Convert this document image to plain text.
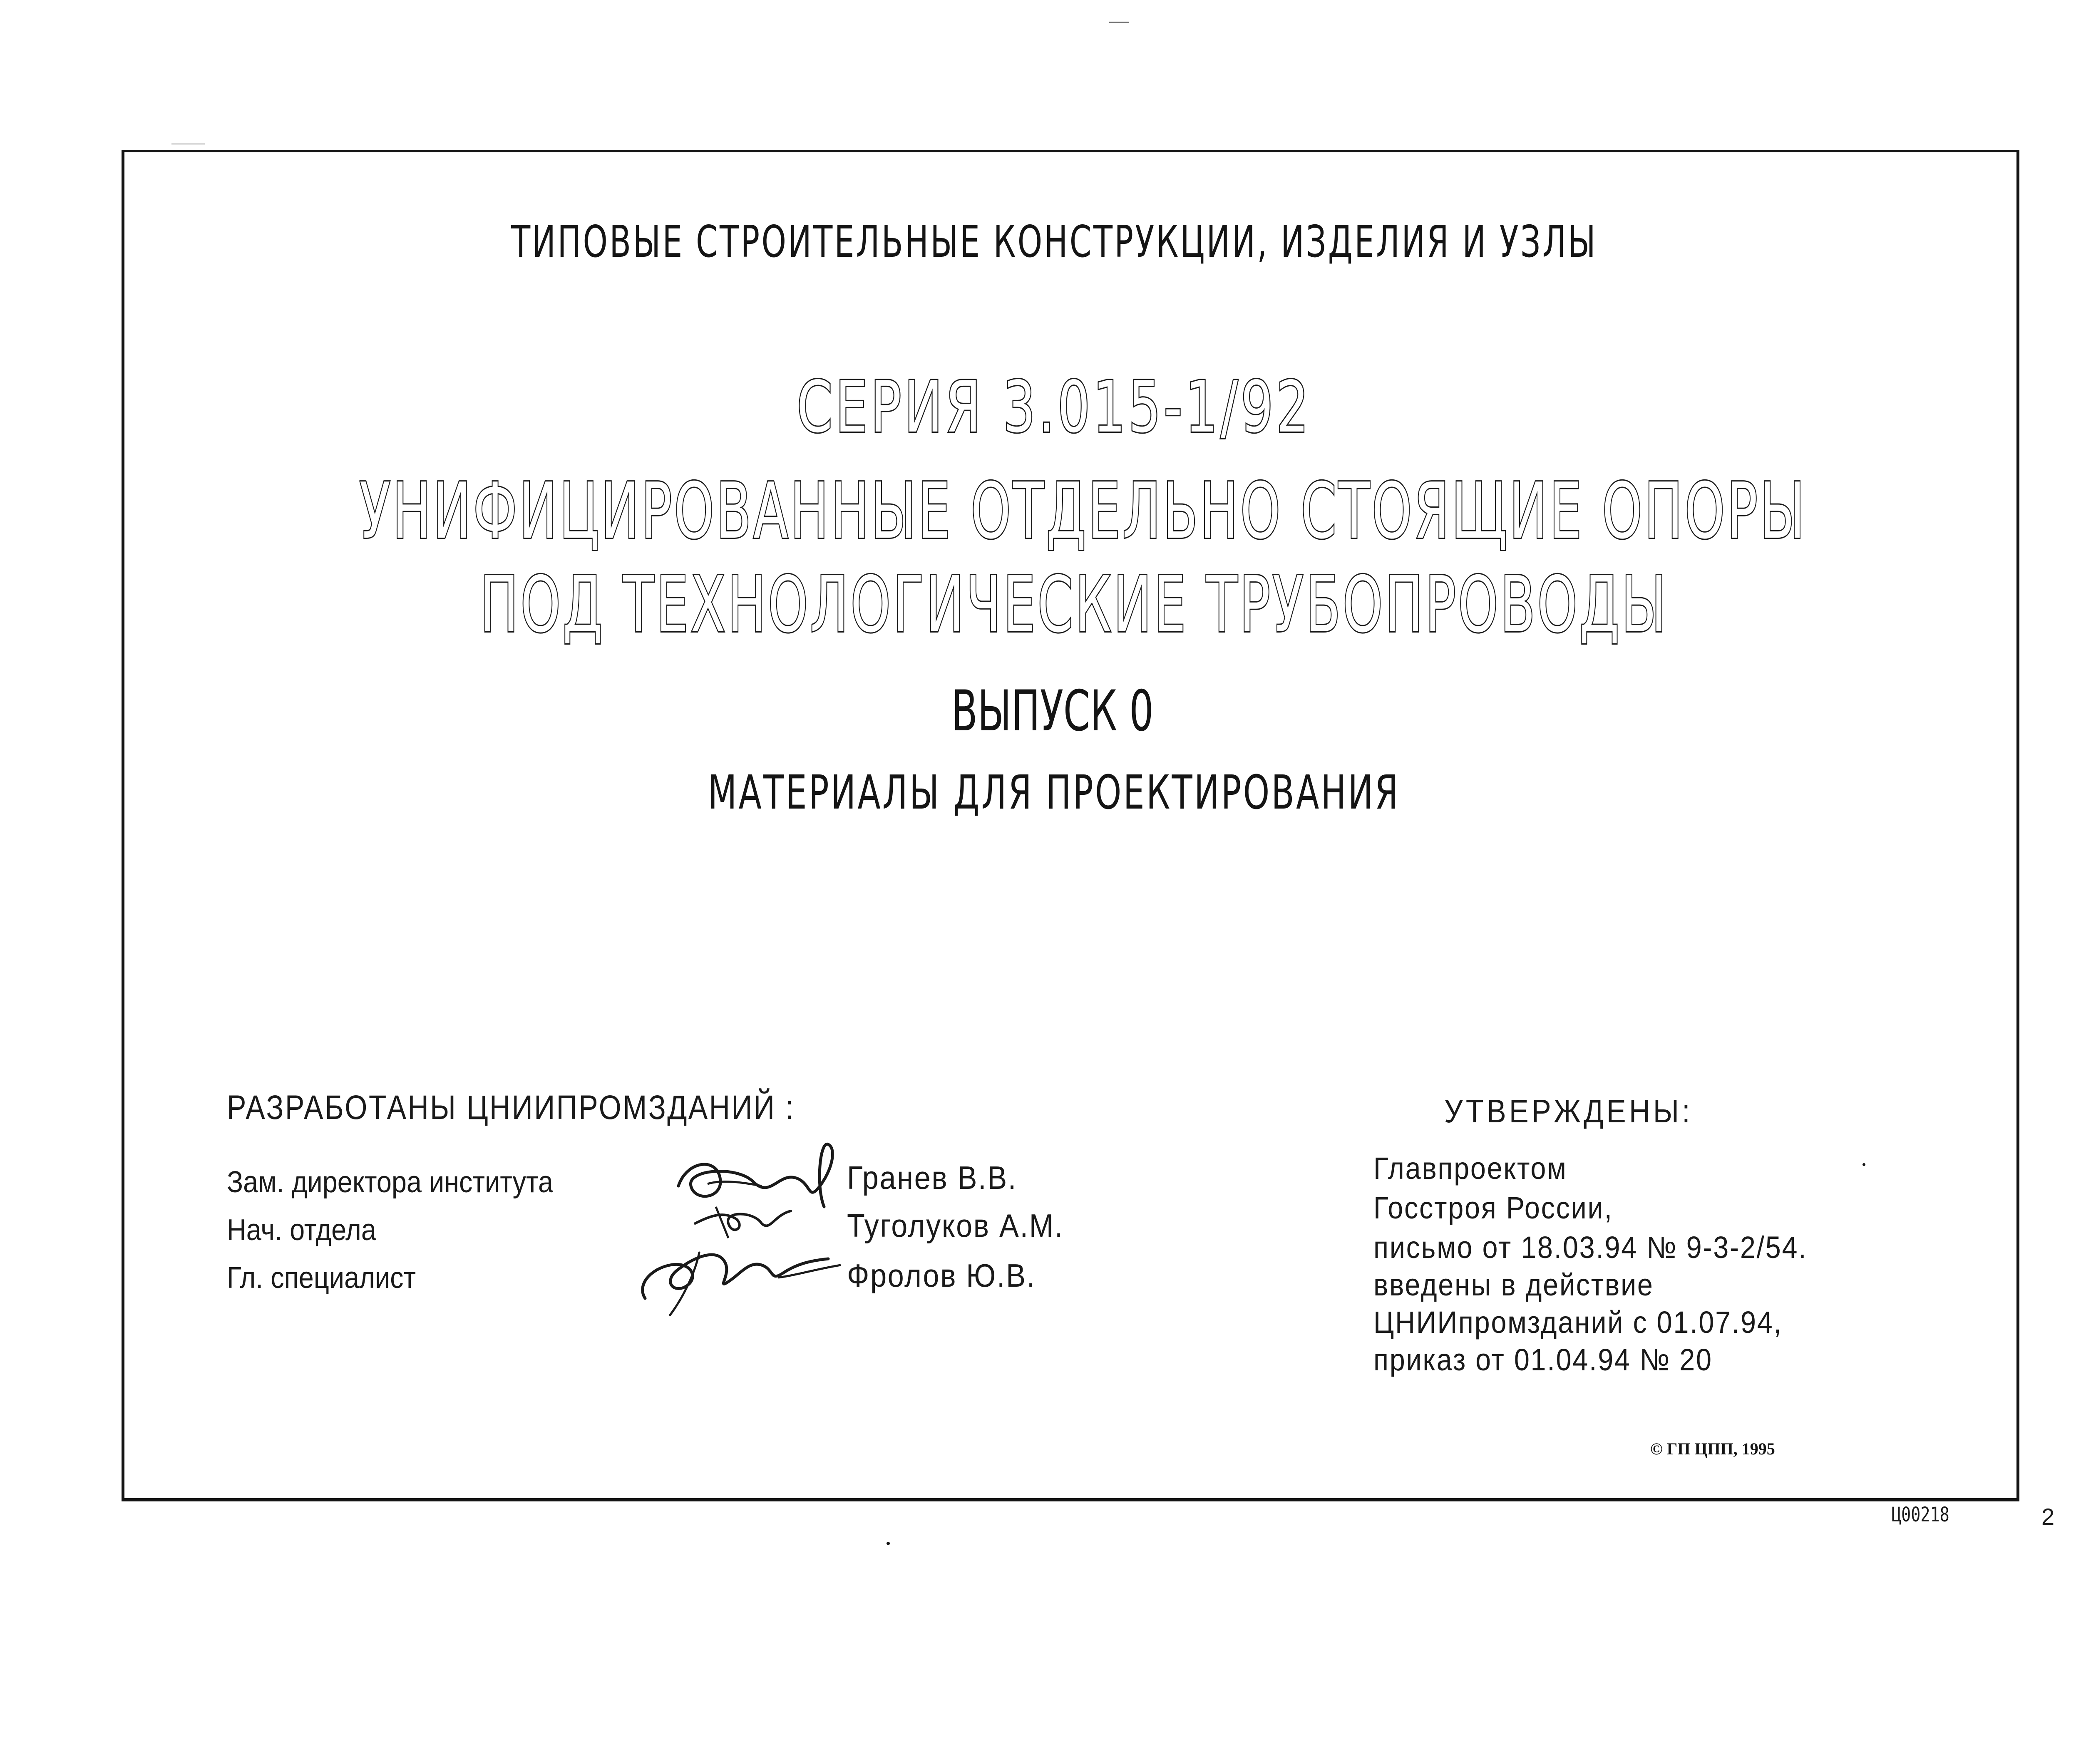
ТИПОВЫЕ СТРОИТЕЛЬНЫЕ КОНСТРУКЦИИ, ИЗДЕЛИЯ И УЗЛЫ
СЕРИЯ 3.015-1/92
УНИФИЦИРОВАННЫЕ ОТДЕЛЬНО СТОЯЩИЕ ОПОРЫ
ПОД ТЕХНОЛОГИЧЕСКИЕ ТРУБОПРОВОДЫ
ВЫПУСК 0
МАТЕРИАЛЫ ДЛЯ ПРОЕКТИРОВАНИЯ
РАЗРАБОТАНЫ ЦНИИПРОМЗДАНИЙ :
Зам. директора института
Нач. отдела
Гл. специалист
Гранев В.В.
Туголуков А.М.
Фролов Ю.В.
УТВЕРЖДЕНЫ:
Главпроектом
Госстроя России,
письмо от 18.03.94 № 9-3-2/54.
введены в действие
ЦНИИпромзданий с 01.07.94,
приказ от 01.04.94 № 20
© ГП ЦПП, 1995
Ц00218	2
